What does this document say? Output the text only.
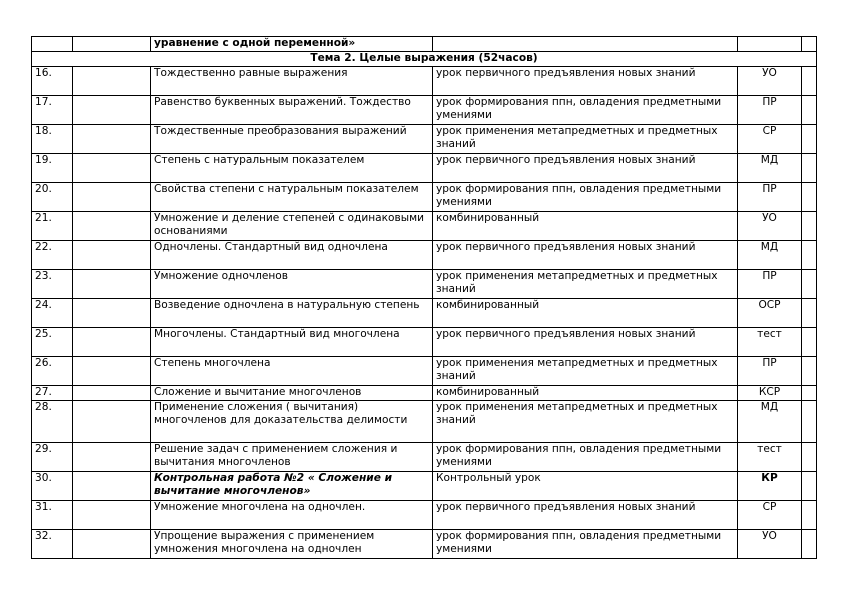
		уравнение с одной переменной»			
Тема 2. Целые выражения (52часов)					
16.		Тождественно равные выражения	урок первичного предъявления новых знаний	УО	
17.		Равенство буквенных выражений. Тождество	урок формирования ппн, овладения предметными умениями	ПР	
18.		Тождественные преобразования выражений	урок применения метапредметных и предметных знаний	СР	
19.		Степень с натуральным показателем	урок первичного предъявления новых знаний	МД	
20.		Свойства степени с натуральным показателем	урок формирования ппн, овладения предметными умениями	ПР	
21.		Умножение и деление степеней с одинаковыми основаниями	комбинированный	УО	
22.		Одночлены. Стандартный вид одночлена	урок первичного предъявления новых знаний	МД	
23.		Умножение одночленов	урок применения метапредметных и предметных знаний	ПР	
24.		Возведение одночлена в натуральную степень	комбинированный	ОСР	
25.		Многочлены. Стандартный вид многочлена	урок первичного предъявления новых знаний	тест	
26.		Степень многочлена	урок применения метапредметных и предметных знаний	ПР	
27.		Сложение и вычитание многочленов	комбинированный	КСР	
28.		Применение сложения ( вычитания) многочленов для доказательства делимости	урок применения метапредметных и предметных знаний	МД	
29.		Решение задач с применением сложения и вычитания многочленов	урок формирования ппн, овладения предметными умениями	тест	
30.		Контрольная работа №2 « Сложение и вычитание многочленов»	Контрольный урок	КР	
31.		Умножение многочлена на одночлен.	урок первичного предъявления новых знаний	СР	
32.		Упрощение выражения с применением умножения многочлена на одночлен	урок формирования ппн, овладения предметными умениями	УО	
